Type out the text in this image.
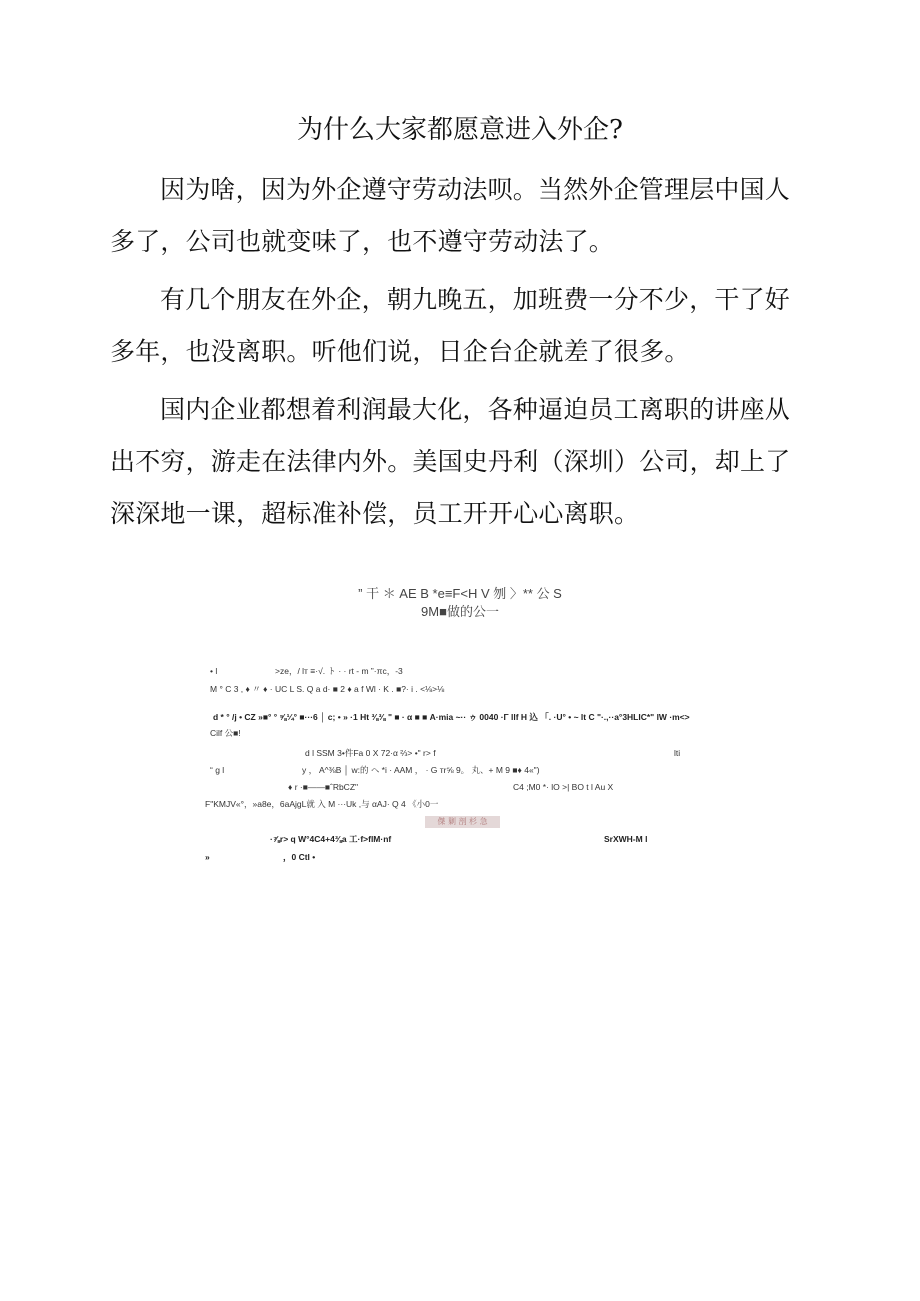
为什么大家都愿意进入外企?

因为啥，因为外企遵守劳动法呗。当然外企管理层中国人多了，公司也就变味了，也不遵守劳动法了。

有几个朋友在外企，朝九晚五，加班费一分不少，干了好多年，也没离职。听他们说，日企台企就差了很多。

国内企业都想着利润最大化，各种逼迫员工离职的讲座从出不穷，游走在法律内外。美国史丹利（深圳）公司，却上了深深地一课，超标准补偿，员工开开心心离职。

” 干 ＊ AE B *e≡F<H V 刎 〉** 公 S
9M■做的公一
• l	>ze，/ lт ≡·√. ト · · rt - m ”·πc，-3
M ° C 3 , ♦ 〃 ♦ · UC L S. Q a d· ■ 2 ♦ a f Wl · K . ■?· i . <⅛>⅛
d * ° /j • CZ »■° ° ⅝¼° ■···6 │ c; • » ·1 Ht ⅜⅜ " ■ · α ■ ■ A·mia ~·· ゥ 0040 ·Γ llf H 込 「. ·U° • ~ lt C "·.,··a°3HLIC*" lW ·m<>
Cilf 公■!
d l SSM 3•件Fa 0 X 72·α ⅔> •" r> f	lti
“ g l	y ， A^⅜B │ w:的 ヘ *i · AAM ， · G тr⅝ 9。 丸、+ M 9 ■♦ 4«")
♦ r ·■——■ˆRbCZ"	C4 ;M0 *· lO >| BO t l Au X
F"KMJV«°，»a8e，6aAjgL就 入 M ···Uk ,与 αAJ· Q 4 《小0一
傑 剿 剖 杉 急
·⅞r> q W°4C4+4⅜a 工·f>flM·nf	SrXWH-M l
»	，0 Ctl •
